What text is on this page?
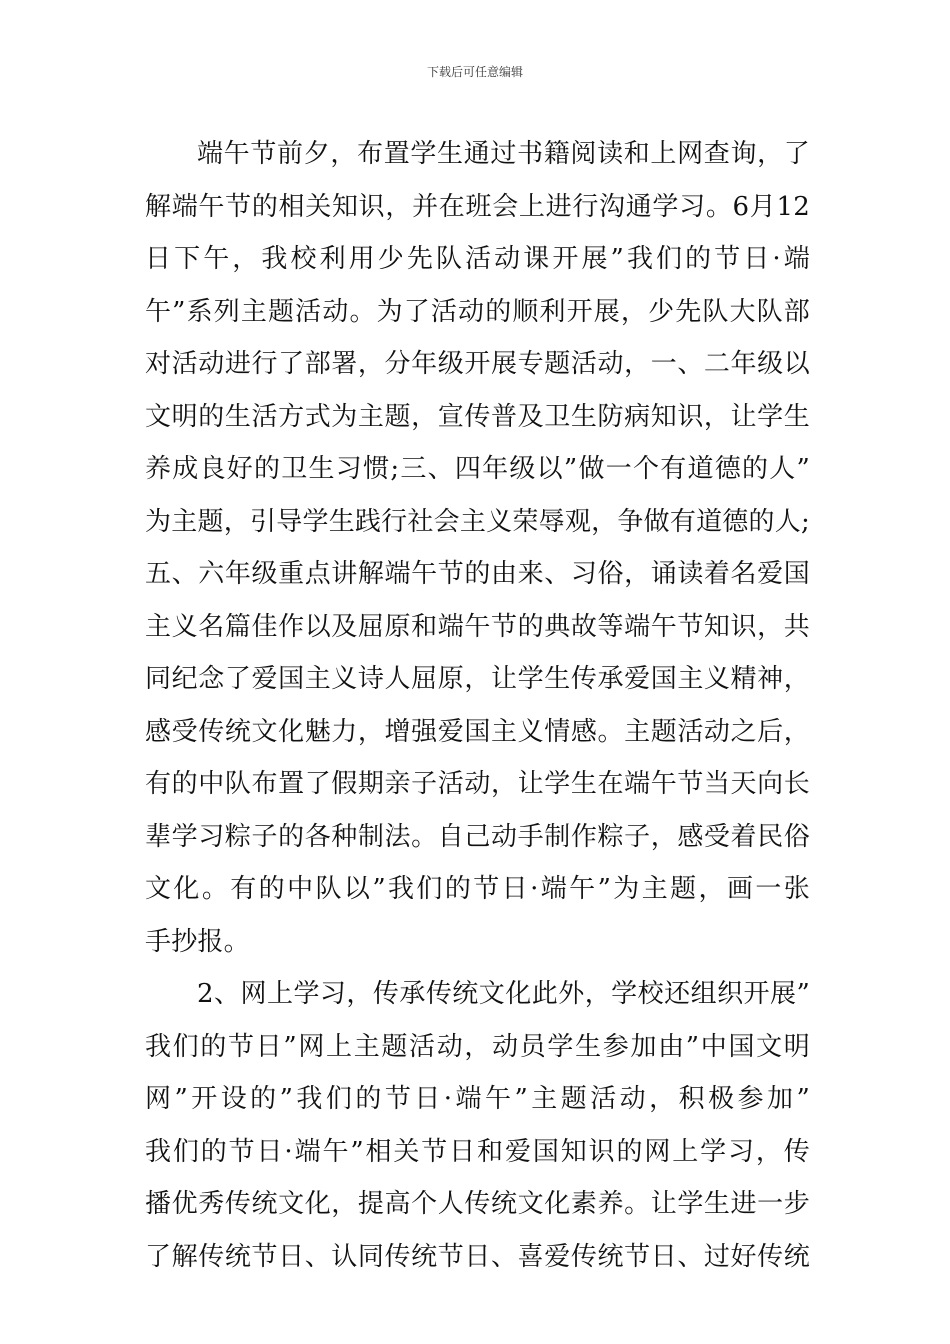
下载后可任意编辑
端午节前夕，布置学生通过书籍阅读和上网查询，了
解端午节的相关知识，并在班会上进行沟通学习。6月12
日下午，我校利用少先队活动课开展”我们的节日·端
午”系列主题活动。为了活动的顺利开展，少先队大队部
对活动进行了部署，分年级开展专题活动，一、二年级以
文明的生活方式为主题，宣传普及卫生防病知识，让学生
养成良好的卫生习惯;三、四年级以”做一个有道德的人”
为主题，引导学生践行社会主义荣辱观，争做有道德的人;
五、六年级重点讲解端午节的由来、习俗，诵读着名爱国
主义名篇佳作以及屈原和端午节的典故等端午节知识，共
同纪念了爱国主义诗人屈原，让学生传承爱国主义精神，
感受传统文化魅力，增强爱国主义情感。主题活动之后，
有的中队布置了假期亲子活动，让学生在端午节当天向长
辈学习粽子的各种制法。自己动手制作粽子，感受着民俗
文化。有的中队以”我们的节日·端午”为主题，画一张
手抄报。
2、网上学习，传承传统文化此外，学校还组织开展”
我们的节日”网上主题活动，动员学生参加由”中国文明
网”开设的”我们的节日·端午”主题活动，积极参加”
我们的节日·端午”相关节日和爱国知识的网上学习，传
播优秀传统文化，提高个人传统文化素养。让学生进一步
了解传统节日、认同传统节日、喜爱传统节日、过好传统
